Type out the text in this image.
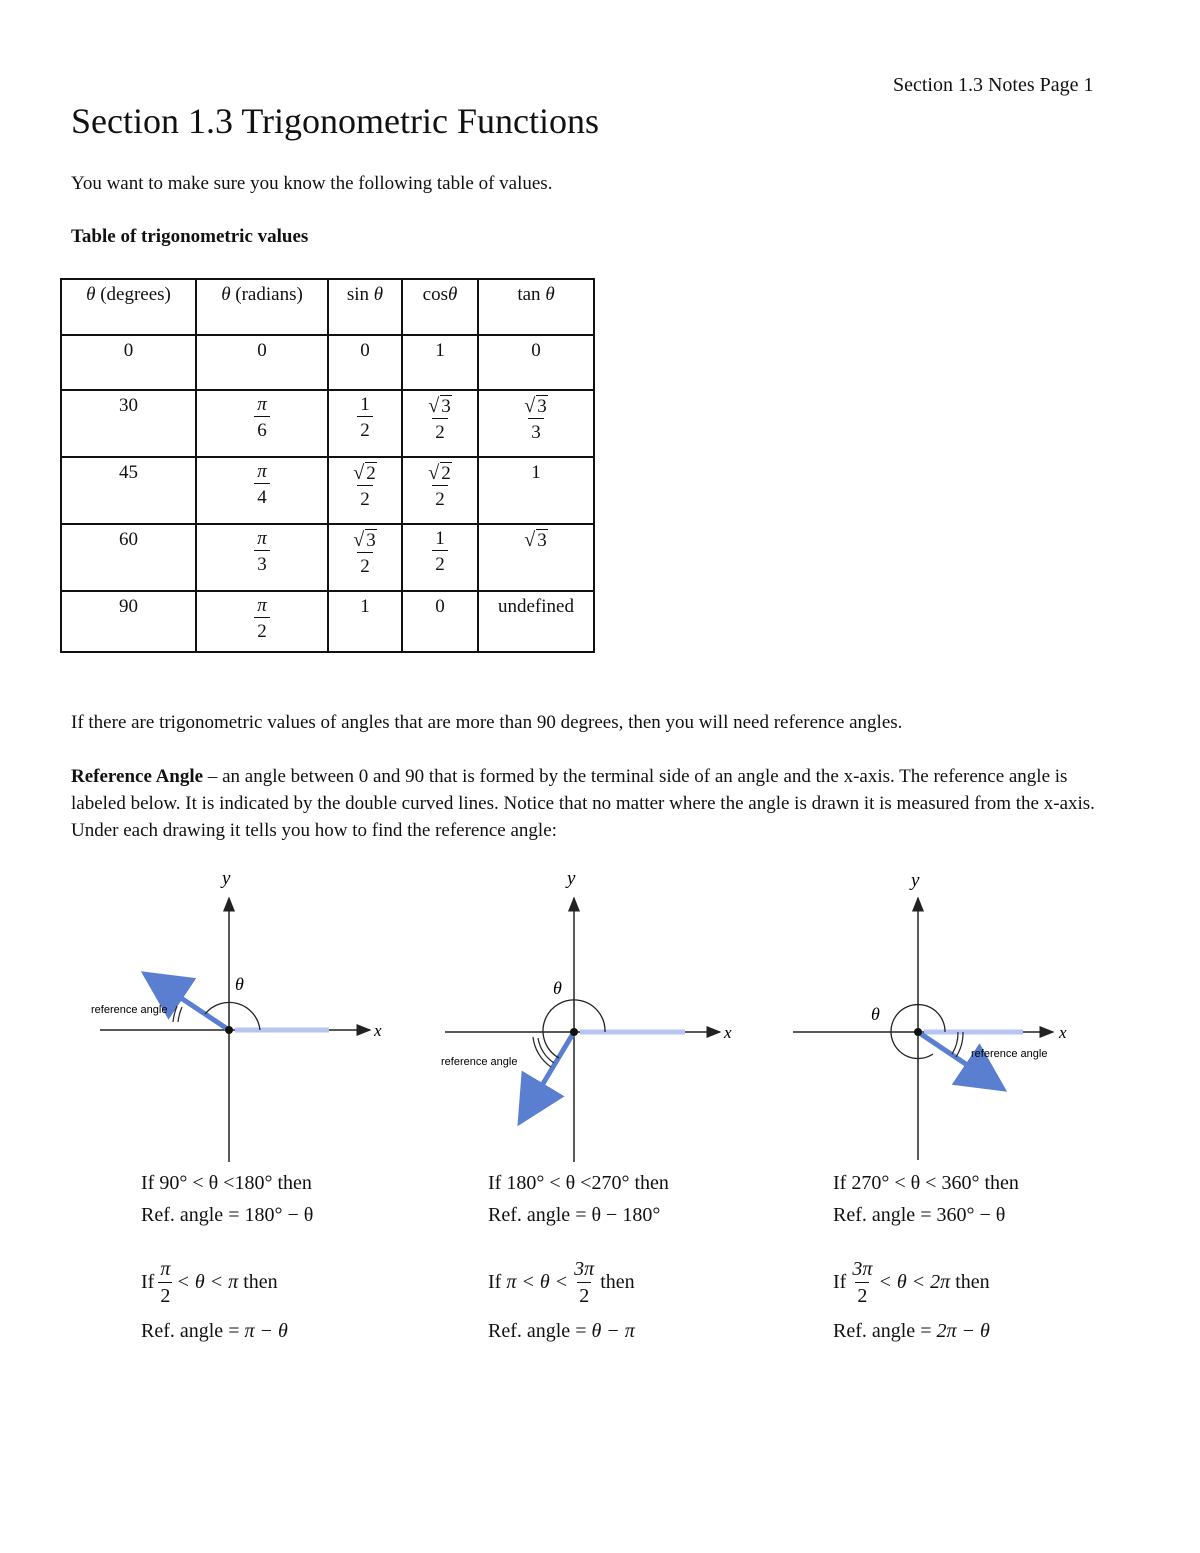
Section 1.3 Notes Page 1
Section 1.3 Trigonometric Functions
You want to make sure you know the following table of values.
Table of trigonometric values
θ (degrees)	θ (radians)	sin θ	cosθ	tan θ
0	0	0	1	0
30	$\frac{\pi}{6}$	$\frac{1}{2}$	$\frac{√ 3}{2}$	$\frac{√ 3}{3}$

45	$\frac{\pi}{4}$	$\frac{√ 2}{2}$	$\frac{√ 2}{2}$	1
60	$\frac{\pi}{3}$	$\frac{√ 3}{2}$	$\frac{1}{2}$	√ 3
90	$\frac{\pi}{2}$	1	0	undefined
If there are trigonometric values of angles that are more than 90 degrees, then you will need reference angles.
Reference Angle – an angle between 0 and 90 that is formed by the terminal side of an angle and the x-axis. The reference angle is labeled below. It is indicated by the double curved lines. Notice that no matter where the angle is drawn it is measured from the x-axis. Under each drawing it tells you how to find the reference angle:
y
x
θ
reference angle
y
x
θ
reference angle
y
x
θ
reference angle
If 90° < θ <180° then
Ref. angle = 180° − θ
If $\frac{\pi}{2} < \theta < \pi$
then
Ref. angle = π − θ
If 180° < θ <270° then
Ref. angle = θ − 180°
If
$\pi < \theta < \frac{3\pi}{2}$ then
Ref. angle = θ − π
If 270° < θ < 360° then
Ref. angle = 360° − θ
If $\frac{3\pi}{2} < \theta < 2\pi$
then
Ref. angle = 2π − θ
